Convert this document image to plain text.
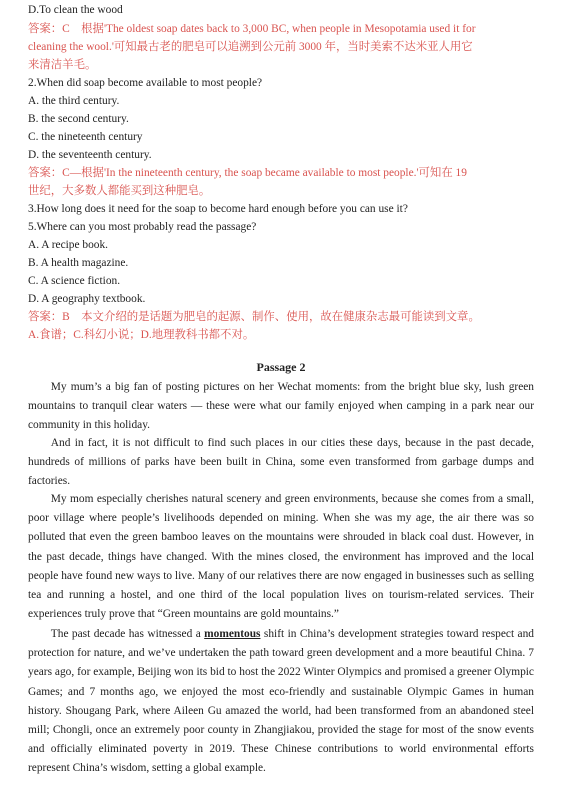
D.To clean the wood

答案：C　根据'The oldest soap dates back to 3,000 BC, when people in Mesopotamia used it for

cleaning the wool.'可知最古老的肥皂可以追溯到公元前 3000 年，当时美索不达米亚人用它

来清洁羊毛。

2.When did soap become available to most people?

A. the third century.

B. the second century.

C. the nineteenth century

D. the seventeenth century.

答案：C—根据'In the nineteenth century, the soap became available to most people.'可知在 19

世纪，大多数人都能买到这种肥皂。

3.How long does it need for the soap to become hard enough before you can use it?

5.Where can you most probably read the passage?

A. A recipe book.

B. A health magazine.

C. A science fiction.

D. A geography textbook.

答案：B　本文介绍的是话题为肥皂的起源、制作、使用，故在健康杂志最可能读到文章。

A.食谱；C.科幻小说；D.地理教科书都不对。

Passage 2

My mum’s a big fan of posting pictures on her Wechat moments: from the bright blue sky, lush green mountains to tranquil clear waters — these were what our family enjoyed when camping in a park near our community in this holiday.

And in fact, it is not difficult to find such places in our cities these days, because in the past decade, hundreds of millions of parks have been built in China, some even transformed from garbage dumps and factories.

My mom especially cherishes natural scenery and green environments, because she comes from a small, poor village where people’s livelihoods depended on mining. When she was my age, the air there was so polluted that even the green bamboo leaves on the mountains were shrouded in black coal dust. However, in the past decade, things have changed. With the mines closed, the environment has improved and the local people have found new ways to live. Many of our relatives there are now engaged in businesses such as selling tea and running a hostel, and one third of the local population lives on tourism-related services. Their experiences truly prove that “Green mountains are gold mountains.”

The past decade has witnessed a momentous shift in China’s development strategies toward respect and protection for nature, and we’ve undertaken the path toward green development and a more beautiful China. 7 years ago, for example, Beijing won its bid to host the 2022 Winter Olympics and promised a greener Olympic Games; and 7 months ago, we enjoyed the most eco-friendly and sustainable Olympic Games in human history. Shougang Park, where Aileen Gu amazed the world, had been transformed from an abandoned steel mill; Chongli, once an extremely poor county in Zhangjiakou, provided the stage for most of the snow events and officially eliminated poverty in 2019. These Chinese contributions to world environmental efforts represent China’s wisdom, setting a global example.
